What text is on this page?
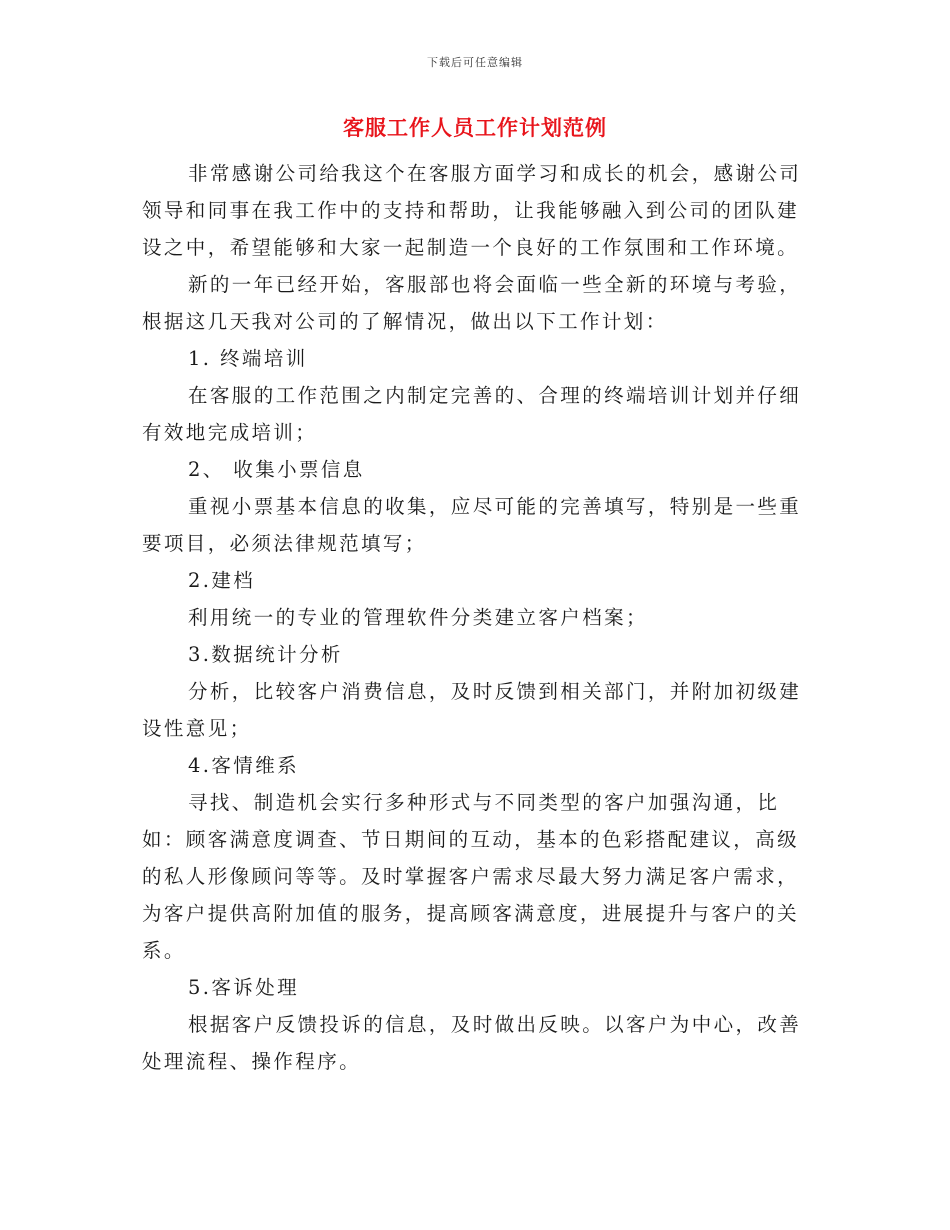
下载后可任意编辑
客服工作人员工作计划范例

非常感谢公司给我这个在客服方面学习和成长的机会，感谢公司领导和同事在我工作中的支持和帮助，让我能够融入到公司的团队建设之中，希望能够和大家一起制造一个良好的工作氛围和工作环境。

新的一年已经开始，客服部也将会面临一些全新的环境与考验，根据这几天我对公司的了解情况，做出以下工作计划：

1. 终端培训

在客服的工作范围之内制定完善的、合理的终端培训计划并仔细有效地完成培训；

2、 收集小票信息

重视小票基本信息的收集，应尽可能的完善填写，特别是一些重要项目，必须法律规范填写；

2.建档

利用统一的专业的管理软件分类建立客户档案；

3.数据统计分析

分析，比较客户消费信息，及时反馈到相关部门，并附加初级建设性意见；

4.客情维系

寻找、制造机会实行多种形式与不同类型的客户加强沟通，比如：顾客满意度调查、节日期间的互动，基本的色彩搭配建议，高级的私人形像顾问等等。及时掌握客户需求尽最大努力满足客户需求，为客户提供高附加值的服务，提高顾客满意度，进展提升与客户的关系。

5.客诉处理

根据客户反馈投诉的信息，及时做出反映。以客户为中心，改善处理流程、操作程序。
